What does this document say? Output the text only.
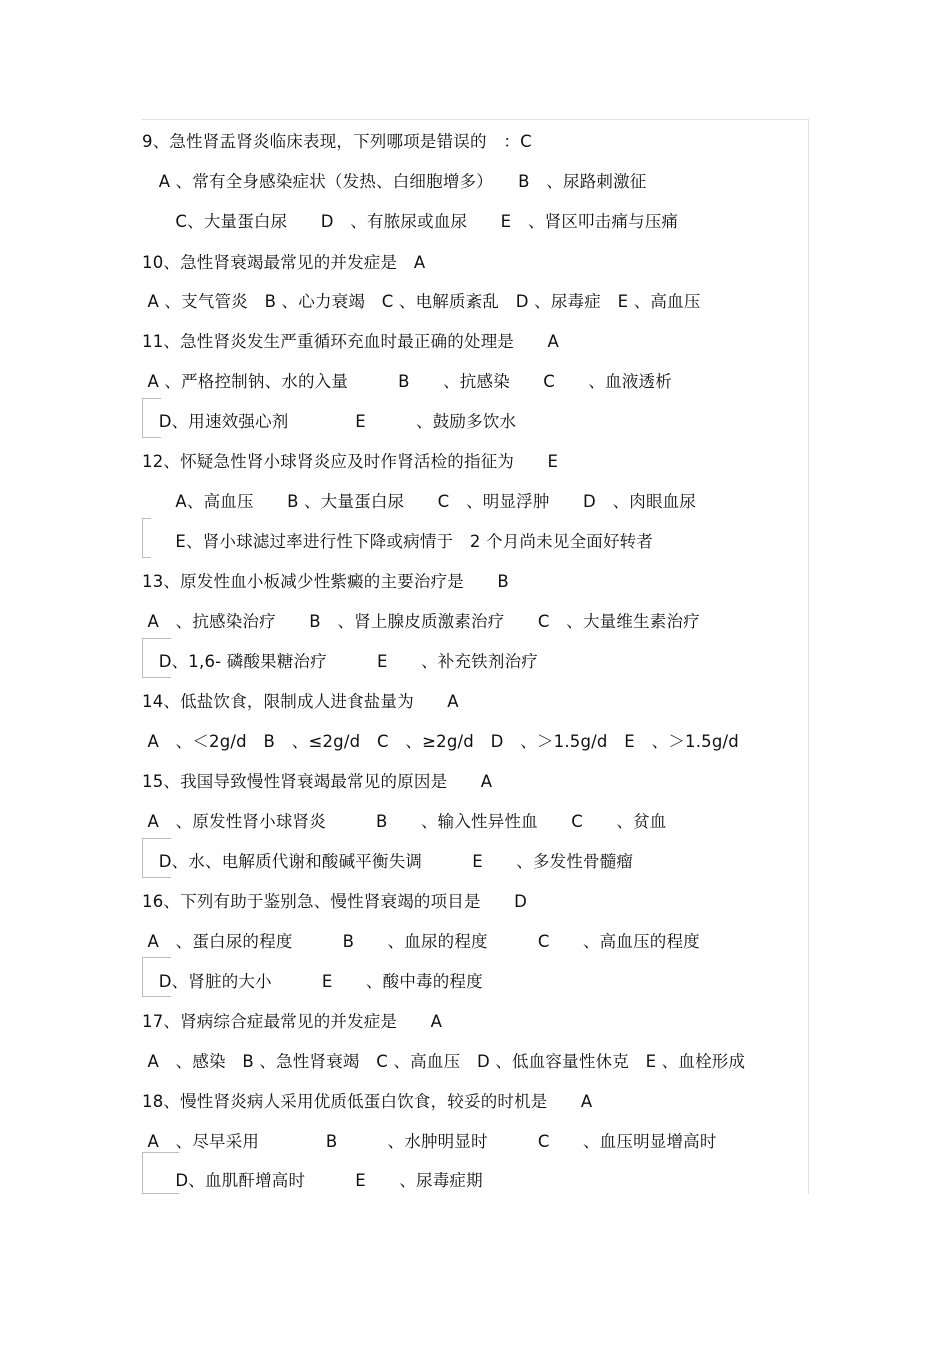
9、急性肾盂肾炎临床表现，下列哪项是错误的　：C
　A 、常有全身感染症状（发热、白细胞增多）　　B　、尿路刺激征
　　C、大量蛋白尿　　D　、有脓尿或血尿　　E　、肾区叩击痛与压痛
10、急性肾衰竭最常见的并发症是　A
A 、支气管炎　B 、心力衰竭　C 、电解质紊乱　D 、尿毒症　E 、高血压
11、急性肾炎发生严重循环充血时最正确的处理是　　A
A 、严格控制钠、水的入量　　　B　　、抗感染　　C　　、血液透析
　D、用速效强心剂　　　　E　　　、鼓励多饮水
12、怀疑急性肾小球肾炎应及时作肾活检的指征为　　E
　　A、高血压　　B 、大量蛋白尿　　C　、明显浮肿　　D　、肉眼血尿
　　E、肾小球滤过率进行性下降或病情于　2 个月尚未见全面好转者
13、原发性血小板减少性紫癜的主要治疗是　　B
A　、抗感染治疗　　B　、肾上腺皮质激素治疗　　C　、大量维生素治疗
　D、1,6- 磷酸果糖治疗　　　E　　、补充铁剂治疗
14、低盐饮食，限制成人进食盐量为　　A
A　、＜2g/d　B　、≤2g/d　C　、≥2g/d　D　、＞1.5g/d　E　、＞1.5g/d
15、我国导致慢性肾衰竭最常见的原因是　　A
A　、原发性肾小球肾炎　　　B　　、输入性异性血　　C　　、贫血
　D、水、电解质代谢和酸碱平衡失调　　　E　　、多发性骨髓瘤
16、下列有助于鉴别急、慢性肾衰竭的项目是　　D
A　、蛋白尿的程度　　　B　　、血尿的程度　　　C　　、高血压的程度
　D、肾脏的大小　　　E　　、酸中毒的程度
17、肾病综合症最常见的并发症是　　A
A　、感染　B 、急性肾衰竭　C 、高血压　D 、低血容量性休克　E 、血栓形成
18、慢性肾炎病人采用优质低蛋白饮食，较妥的时机是　　A
A　、尽早采用　　　　B　　　、水肿明显时　　　C　　、血压明显增高时
　　D、血肌酐增高时　　　E　　、尿毒症期
